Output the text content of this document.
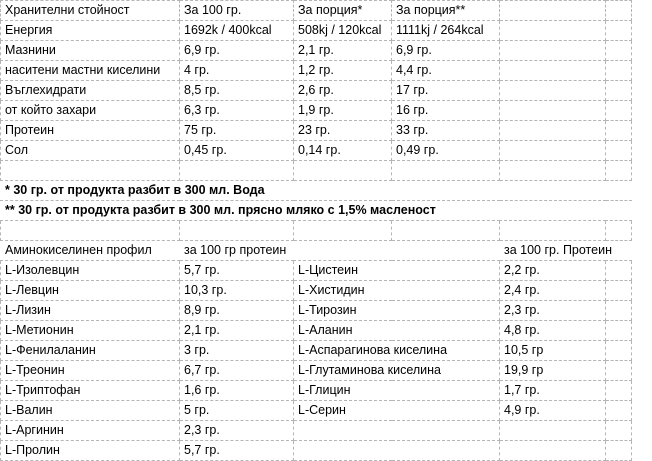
Хранителни стойност	За 100 гр.	За порция*	За порция**		
Енергия	1692k / 400kcal	508kj / 120kcal	1111kj / 264kcal		
Мазнини	6,9 гр.	2,1 гр.	6,9 гр.		
наситени мастни киселини	4 гр.	1,2 гр.	4,4 гр.		
Въглехидрати	8,5 гр.	2,6 гр.	17 гр.		
от който захари	6,3 гр.	1,9 гр.	16 гр.		
Протеин	75 гр.	23 гр.	33 гр.		
Сол	0,45 гр.	0,14 гр.	0,49 гр.		

* 30 гр. от продукта разбит в 300 мл. Вода					
** 30 гр. от продукта разбит в 300 мл. прясно мляко с 1,5% масленост					

Аминокиселинен профил	за 100 гр протеин			за 100 гр. Протеин	
L-Изолевцин	5,7 гр.	L-Цистеин		2,2 гр.	
L-Левцин	10,3 гр.	L-Хистидин		2,4 гр.	
L-Лизин	8,9 гр.	L-Тирозин		2,3 гр.	
L-Метионин	2,1 гр.	L-Аланин		4,8 гр.	
L-Фенилаланин	3 гр.	L-Аспарагинова киселина		10,5 гр	
L-Треонин	6,7 гр.	L-Глутаминова киселина		19,9 гр	
L-Триптофан	1,6 гр.	L-Глицин		1,7 гр.	
L-Валин	5 гр.	L-Серин		4,9 гр.	
L-Аргинин	2,3 гр.				
L-Пролин	5,7 гр.				
